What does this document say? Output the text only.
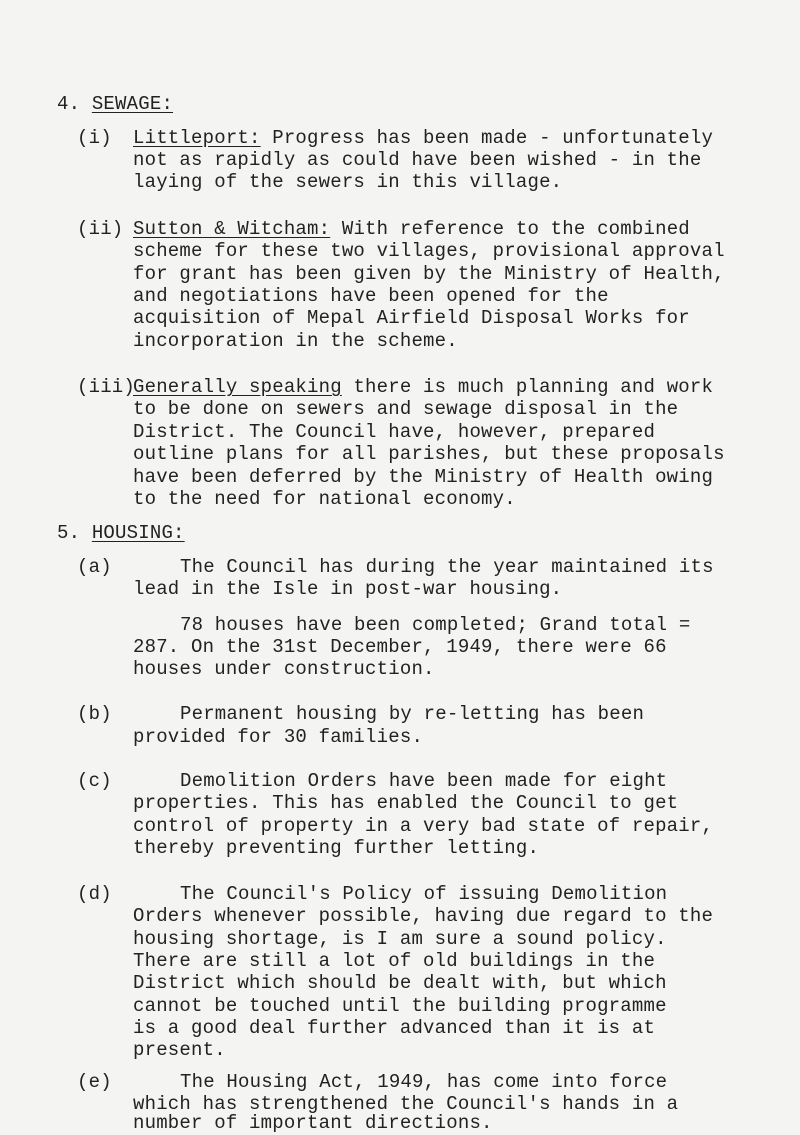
4. SEWAGE:
(i) Littleport: Progress has been made - unfortunately
not as rapidly as could have been wished - in the
laying of the sewers in this village.
(ii) Sutton & Witcham: With reference to the combined
scheme for these two villages, provisional approval
for grant has been given by the Ministry of Health,
and negotiations have been opened for the
acquisition of Mepal Airfield Disposal Works for
incorporation in the scheme.
(iii)
Generally speaking there is much planning and work
to be done on sewers and sewage disposal in the
District. The Council have, however, prepared
outline plans for all parishes, but these proposals
have been deferred by the Ministry of Health owing
to the need for national economy.
5. HOUSING:
(a)	The Council has during the year maintained its
lead in the Isle in post-war housing.
78 houses have been completed; Grand total =
287. On the 31st December, 1949, there were 66
houses under construction.
(b)	Permanent housing by re-letting has been
provided for 30 families.
(c)	Demolition Orders have been made for eight
properties. This has enabled the Council to get
control of property in a very bad state of repair,
thereby preventing further letting.
(d)	The Council's Policy of issuing Demolition
Orders whenever possible, having due regard to the
housing shortage, is I am sure a sound policy.
There are still a lot of old buildings in the
District which should be dealt with, but which
cannot be touched until the building programme
is a good deal further advanced than it is at
present.
(e)	The Housing Act, 1949, has come into force
which has strengthened the Council's hands in a
number of important directions.
